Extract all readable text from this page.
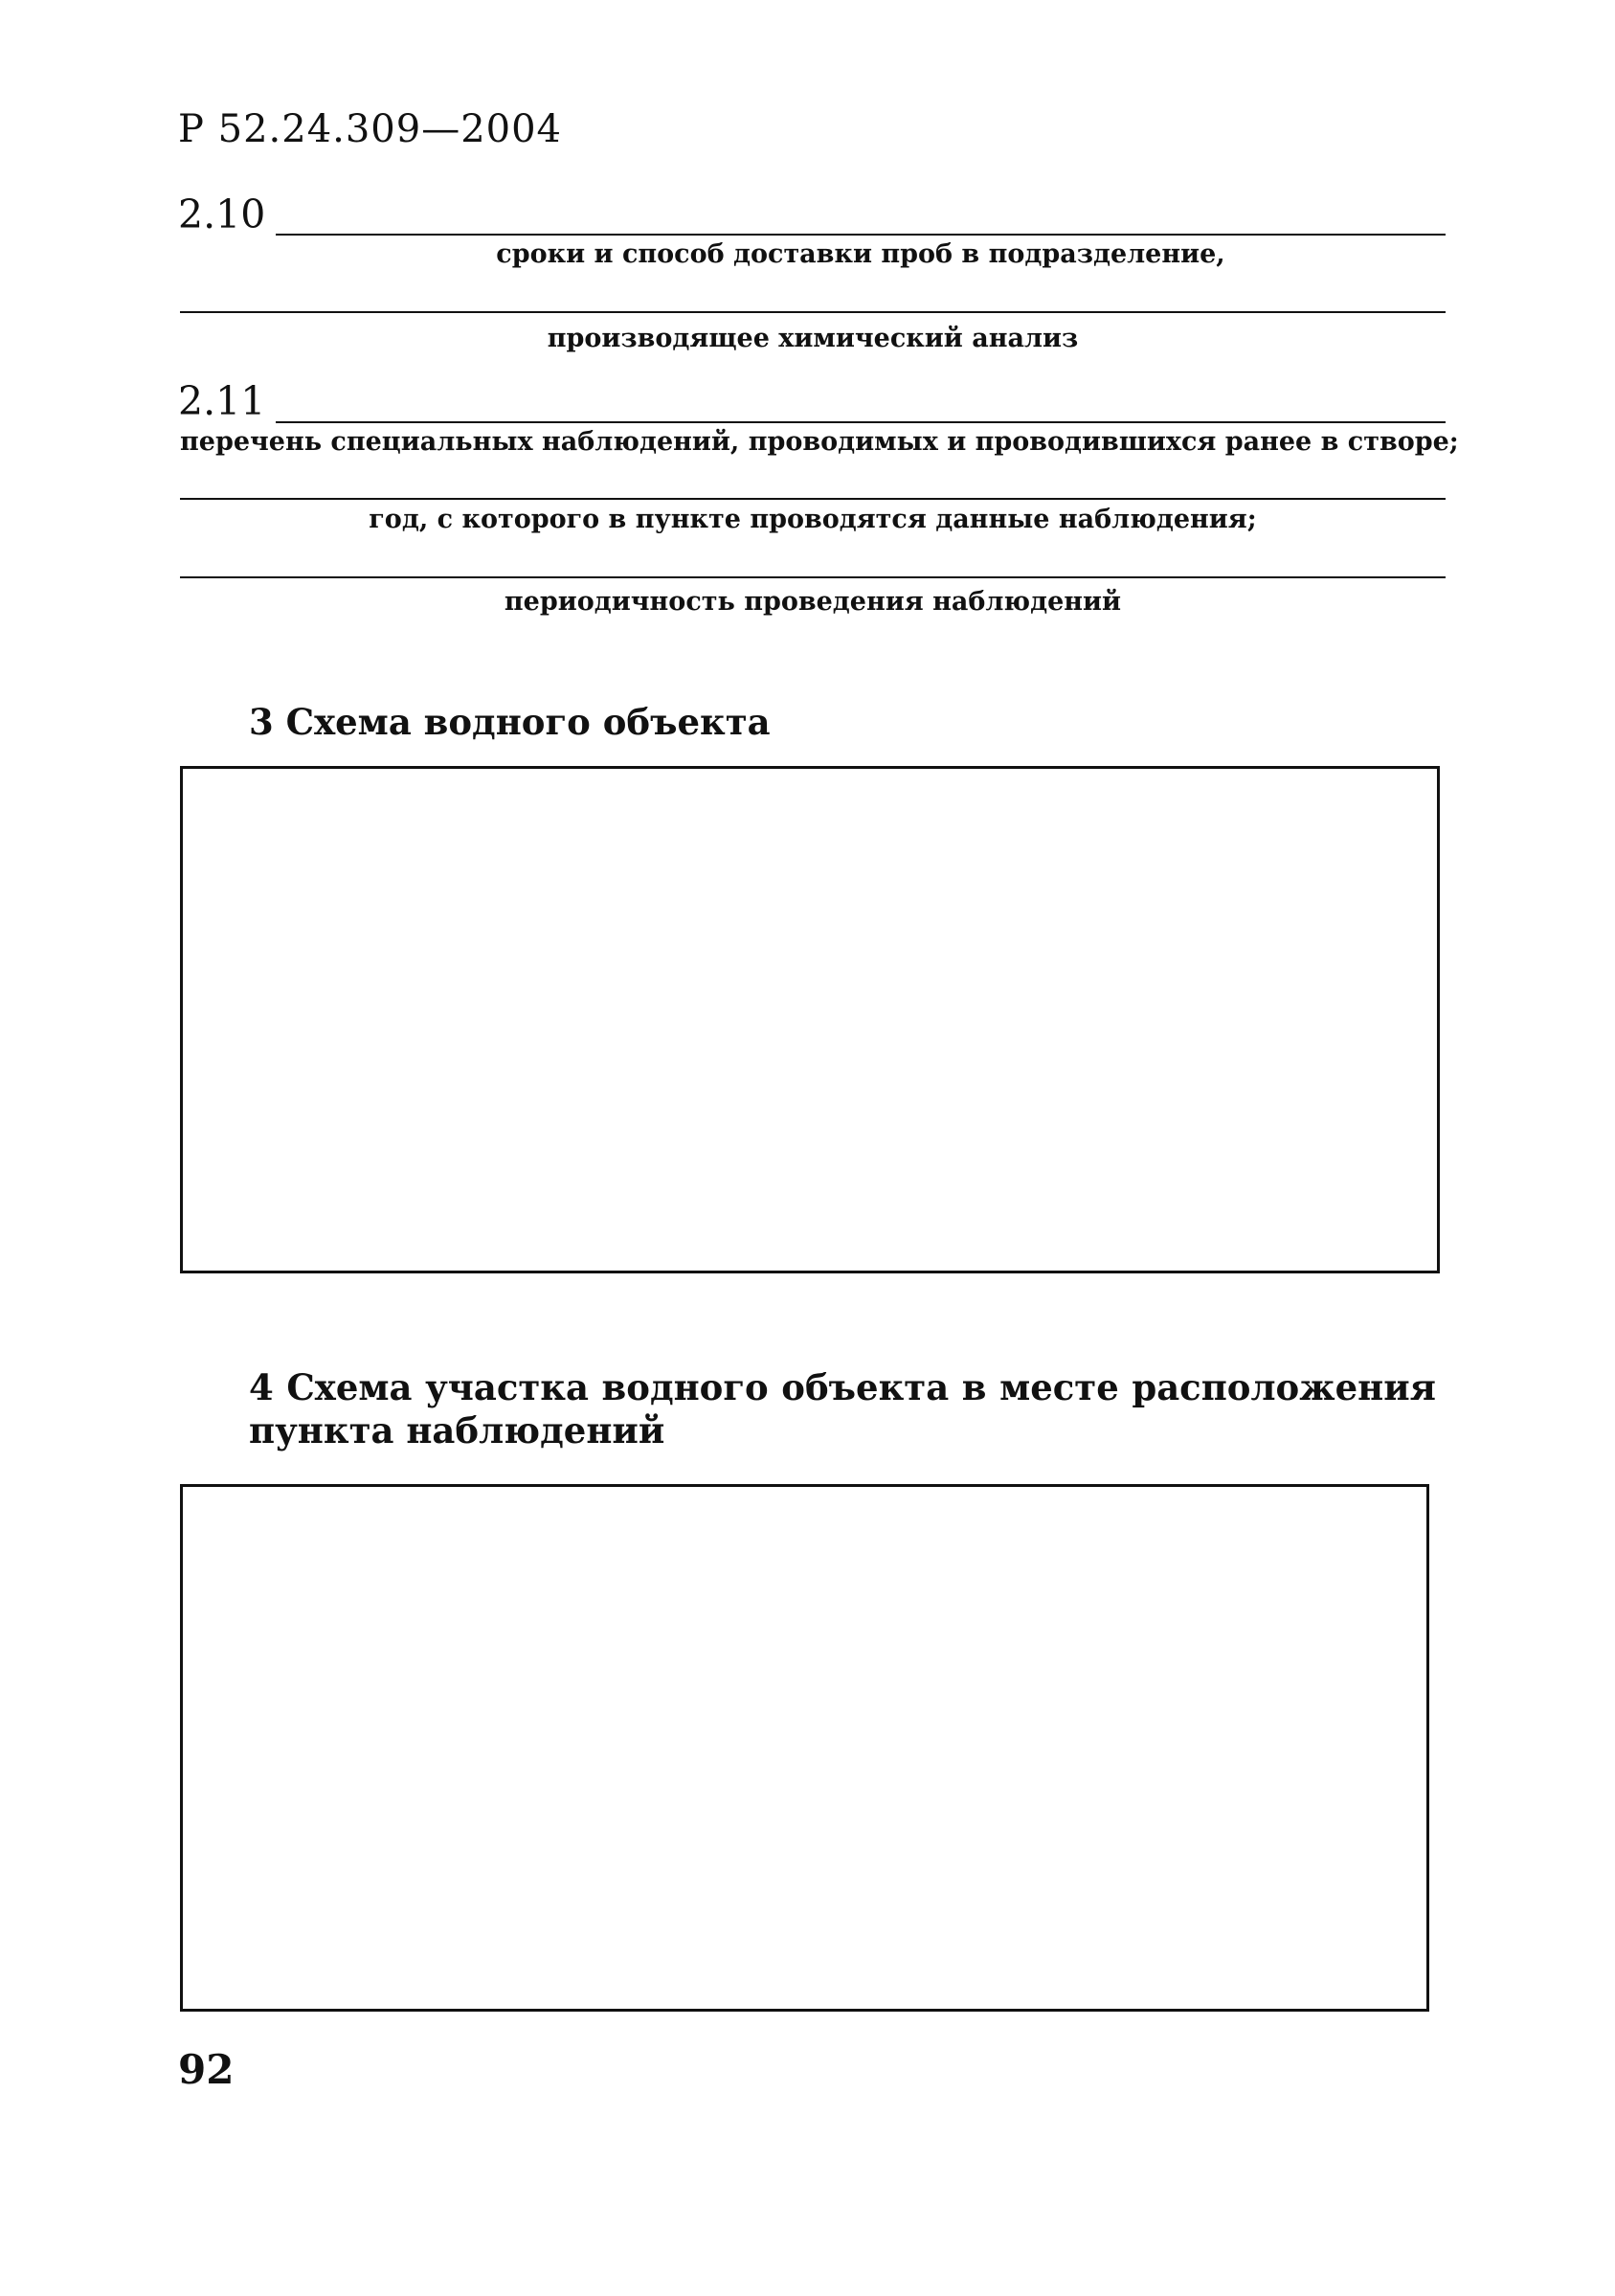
Р 52.24.309—2004
2.10
сроки и способ доставки проб в подразделение,
производящее химический анализ
2.11
перечень специальных наблюдений, проводимых и проводившихся ранее в створе;
год, с которого в пункте проводятся данные наблюдения;
периодичность проведения наблюдений
3 Схема водного объекта
4 Схема участка водного объекта в месте расположения
пункта наблюдений
92
